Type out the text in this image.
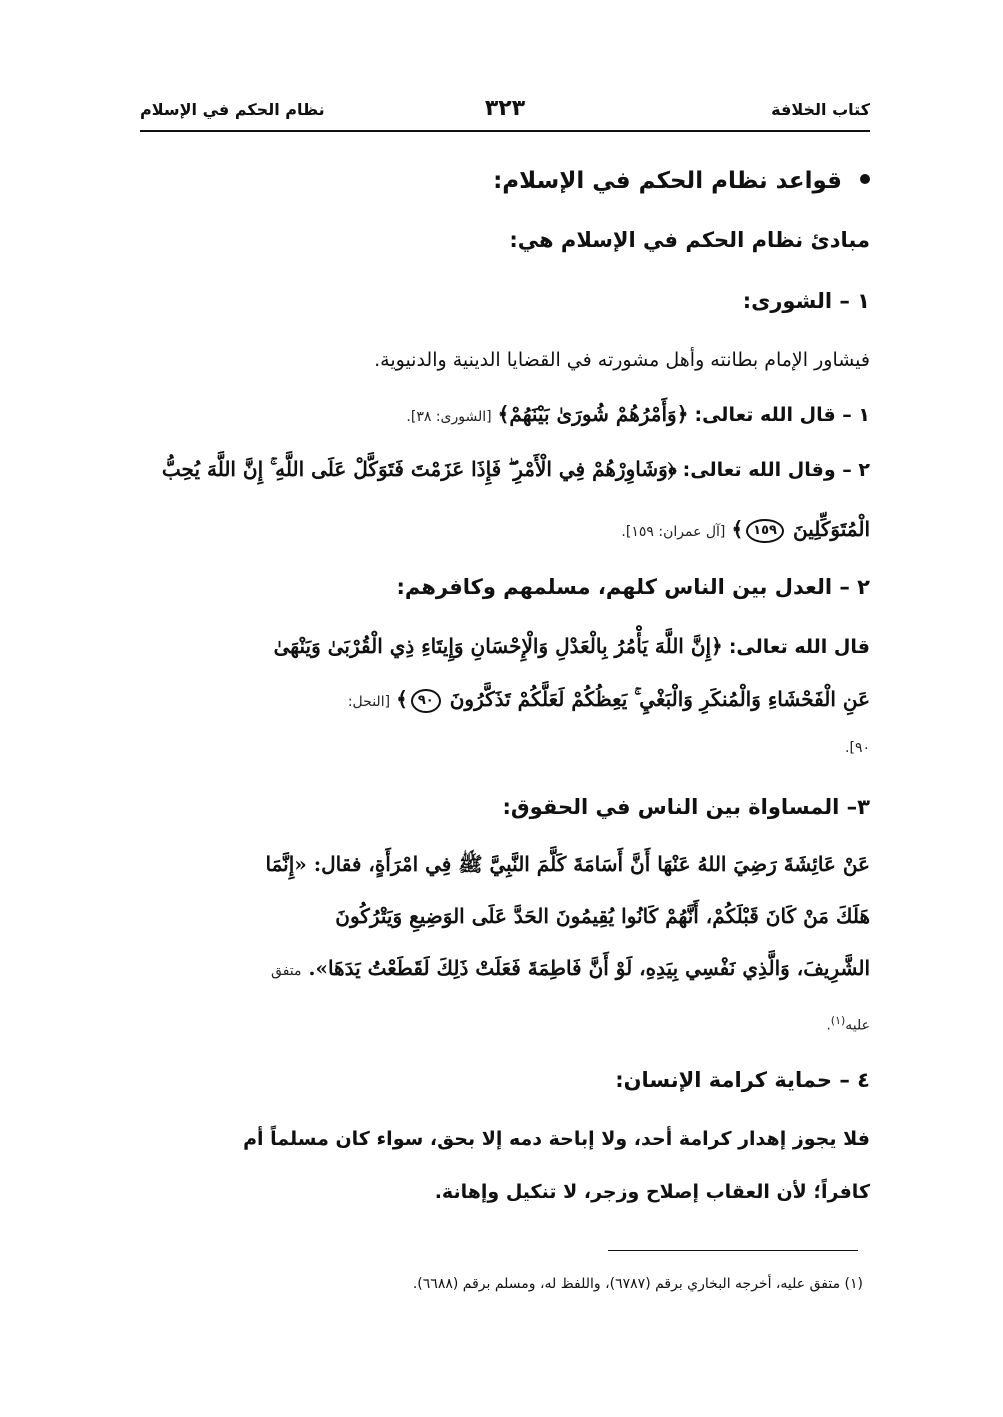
كتاب الخلافة
٣٢٣
نظام الحكم في الإسلام
قواعد نظام الحكم في الإسلام:
مبادئ نظام الحكم في الإسلام هي:
١ – الشورى:
فيشاور الإمام بطانته وأهل مشورته في القضايا الدينية والدنيوية.
١ – قال الله تعالى: ﴿وَأَمْرُهُمْ شُورَىٰ بَيْنَهُمْ﴾ [الشورى: ٣٨].
٢ – وقال الله تعالى: ﴿وَشَاوِرْهُمْ فِي الْأَمْرِ ۖ فَإِذَا عَزَمْتَ فَتَوَكَّلْ عَلَى اللَّهِ ۚ إِنَّ اللَّهَ يُحِبُّ
الْمُتَوَكِّلِينَ ١٥٩﴾ [آل عمران: ١٥٩].
٢ – العدل بين الناس كلهم، مسلمهم وكافرهم:
قال الله تعالى: ﴿إِنَّ اللَّهَ يَأْمُرُ بِالْعَدْلِ وَالْإِحْسَانِ وَإِيتَاءِ ذِي الْقُرْبَىٰ وَيَنْهَىٰ
عَنِ الْفَحْشَاءِ وَالْمُنكَرِ وَالْبَغْيِ ۚ يَعِظُكُمْ لَعَلَّكُمْ تَذَكَّرُونَ ٩٠﴾ [النحل:
٩٠].
٣– المساواة بين الناس في الحقوق:
عَنْ عَائِشَةَ رَضِيَ اللهُ عَنْهَا أَنَّ أَسَامَةَ كَلَّمَ النَّبِيَّ ﷺ فِي امْرَأَةٍ، فقال: «إِنَّمَا
هَلَكَ مَنْ كَانَ قَبْلَكُمْ، أَنَّهُمْ كَانُوا يُقِيمُونَ الحَدَّ عَلَى الوَضِيعِ وَيَتْرُكُونَ
الشَّرِيفَ، وَالَّذِي نَفْسِي بِيَدِهِ، لَوْ أَنَّ فَاطِمَةَ فَعَلَتْ ذَلِكَ لَقَطَعْتُ يَدَهَا». متفق
عليه$^{(١)}$.
٤ – حماية كرامة الإنسان:
فلا يجوز إهدار كرامة أحد، ولا إباحة دمه إلا بحق، سواء كان مسلماً أم
كافراً؛ لأن العقاب إصلاح وزجر، لا تنكيل وإهانة.
(١) متفق عليه، أخرجه البخاري برقم (٦٧٨٧)، واللفظ له، ومسلم برقم (٦٦٨٨).
